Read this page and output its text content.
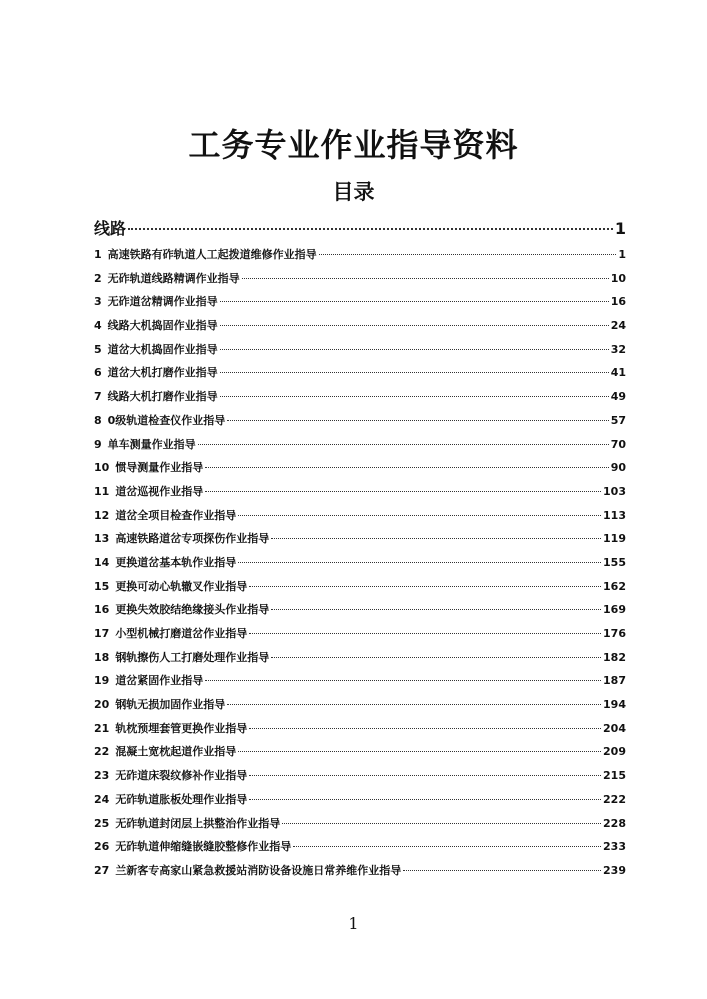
工务专业作业指导资料
目录
线路	1
1 高速铁路有砟轨道人工起拨道维修作业指导	1
2 无砟轨道线路精调作业指导	10
3 无砟道岔精调作业指导	16
4 线路大机捣固作业指导	24
5 道岔大机捣固作业指导	32
6 道岔大机打磨作业指导	41
7 线路大机打磨作业指导	49
8 0级轨道检查仪作业指导	57
9 单车测量作业指导	70
10 惯导测量作业指导	90
11 道岔巡视作业指导	103
12 道岔全项目检查作业指导	113
13 高速铁路道岔专项探伤作业指导	119
14 更换道岔基本轨作业指导	155
15 更换可动心轨辙叉作业指导	162
16 更换失效胶结绝缘接头作业指导	169
17 小型机械打磨道岔作业指导	176
18 钢轨擦伤人工打磨处理作业指导	182
19 道岔紧固作业指导	187
20 钢轨无损加固作业指导	194
21 轨枕预埋套管更换作业指导	204
22 混凝土宽枕起道作业指导	209
23 无砟道床裂纹修补作业指导	215
24 无砟轨道胀板处理作业指导	222
25 无砟轨道封闭层上拱整治作业指导	228
26 无砟轨道伸缩缝嵌缝胶整修作业指导	233
27 兰新客专高家山紧急救援站消防设备设施日常养维作业指导	239
1
